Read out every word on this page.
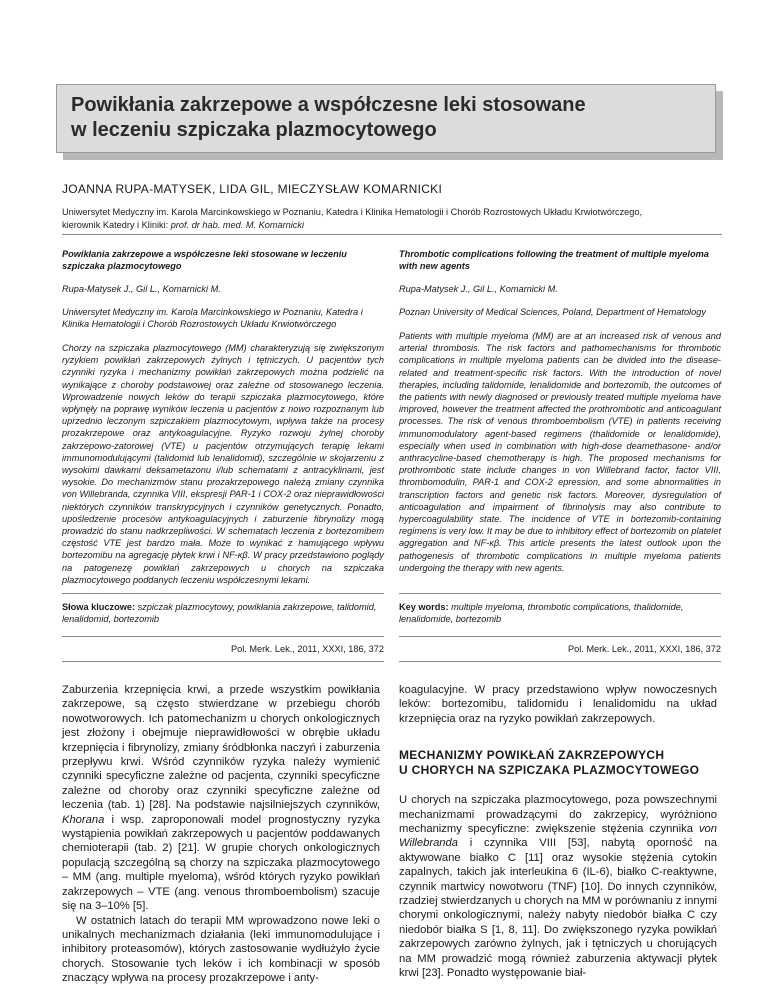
Powikłania zakrzepowe a współczesne leki stosowane
w leczeniu szpiczaka plazmocytowego
JOANNA RUPA-MATYSEK, LIDA GIL, MIECZYSŁAW KOMARNICKI
Uniwersytet Medyczny im. Karola Marcinkowskiego w Poznaniu, Katedra i Klinika Hematologii i Chorób Rozrostowych Układu Krwiotwórczego,
kierownik Katedry i Kliniki: prof. dr hab. med. M. Komarnicki

Powikłania zakrzepowe a współczesne leki stosowane w leczeniu szpiczaka plazmocytowego

Rupa-Matysek J., Gil L., Komarnicki M.

Uniwersytet Medyczny im. Karola Marcinkowskiego w Poznaniu, Katedra i Klinika Hematologii i Chorób Rozrostowych Układu Krwiotwórczego

Chorzy na szpiczaka plazmocytowego (MM) charakteryzują się zwiększonym ryzykiem powikłań zakrzepowych żylnych i tętniczych. U pacjentów tych czynniki ryzyka i mechanizmy powikłań zakrzepowych można podzielić na wynikające z choroby podstawowej oraz zależne od stosowanego leczenia. Wprowadzenie nowych leków do terapii szpiczaka plazmocytowego, które wpłynęły na poprawę wyników leczenia u pacjentów z nowo rozpoznanym lub uprzednio leczonym szpiczakiem plazmocytowym, wpływa także na procesy prozakrzepowe oraz antykoagulacyjne. Ryzyko rozwoju żylnej choroby zakrzepowo-zatorowej (VTE) u pacjentów otrzymujących terapię lekami immunomodulującymi (talidomid lub lenalidomid), szczególnie w skojarzeniu z wysokimi dawkami deksametazonu i/lub schematami z antracyklinami, jest wysokie. Do mechanizmów stanu prozakrzepowego należą zmiany czynnika von Willebranda, czynnika VIII, ekspresji PAR-1 i COX-2 oraz nieprawidłowości niektórych czynników transkrypcyjnych i czynników genetycznych. Ponadto, upośledzenie procesów antykoagulacyjnych i zaburzenie fibrynolizy mogą prowadzić do stanu nadkrzepliwości. W schematach leczenia z bortezomibem częstość VTE jest bardzo mała. Może to wynikać z hamującego wpływu bortezomibu na agregację płytek krwi i NF-κβ. W pracy przedstawiono poglądy na patogenezę powikłań zakrzepowych u chorych na szpiczaka plazmocytowego poddanych leczeniu współczesnymi lekami.

Thrombotic complications following the treatment of multiple myeloma with new agents

Rupa-Matysek J., Gil L., Komarnicki M.

Poznan University of Medical Sciences, Poland, Department of Hematology

Patients with multiple myeloma (MM) are at an increased risk of venous and arterial thrombosis. The risk factors and pathomechanisms for thrombotic complications in multiple myeloma patients can be divided into the disease-related and treatment-specific risk factors. With the introduction of novel therapies, including talidomide, lenalidomide and bortezomib, the outcomes of the patients with newly diagnosed or previously treated multiple myeloma have improved, however the treatment affected the prothrombotic and anticoagulant processes. The risk of venous thromboembolism (VTE) in patients receiving immunomodulatory agent-based regimens (thalidomide or lenalidomide), especially when used in combination with high-dose deamethasone- and/or anthracycline-based chemotherapy is high. The proposed mechanisms for prothrombotic state include changes in von Willebrand factor, factor VIII, thrombomodulin, PAR-1 and COX-2 epression, and some abnormalities in transcription factors and genetic risk factors. Moreover, dysregulation of anticoagulation and impairment of fibrinolysis may also contribute to hypercoagulability state. The incidence of VTE in bortezomib-containing regimens is very low. It may be due to inhibitory effect of bortezomib on platelet aggregation and NF-κβ. This article presents the latest outlook upon the pathogenesis of thrombotic complications in multiple myeloma patients undergoing the therapy with new agents.

Słowa kluczowe: szpiczak plazmocytowy, powikłania zakrzepowe, talidomid, lenalidomid, bortezomib
Key words: multiple myeloma, thrombotic complications, thalidomide, lenalidomide, bortezomib
Pol. Merk. Lek., 2011, XXXI, 186, 372	Pol. Merk. Lek., 2011, XXXI, 186, 372

Zaburzenia krzepnięcia krwi, a przede wszystkim powikłania zakrzepowe, są często stwierdzane w przebiegu chorób nowotworowych. Ich patomechanizm u chorych onkologicznych jest złożony i obejmuje nieprawidłowości w obrębie układu krzepnięcia i fibrynolizy, zmiany śródbłonka naczyń i zaburzenia przepływu krwi. Wśród czynników ryzyka należy wymienić czynniki specyficzne zależne od pacjenta, czynniki specyficzne zależne od choroby oraz czynniki specyficzne zależne od leczenia (tab. 1) [28]. Na podstawie najsilniejszych czynników, Khorana i wsp. zaproponowali model prognostyczny ryzyka wystąpienia powikłań zakrzepowych u pacjentów poddawanych chemioterapii (tab. 2) [21]. W grupie chorych onkologicznych populacją szczególną są chorzy na szpiczaka plazmocytowego – MM (ang. multiple myeloma), wśród których ryzyko powikłań zakrzepowych – VTE (ang. venous thromboembolism) szacuje się na 3–10% [5].

W ostatnich latach do terapii MM wprowadzono nowe leki o unikalnych mechanizmach działania (leki immunomodulujące i inhibitory proteasomów), których zastosowanie wydłużyło życie chorych. Stosowanie tych leków i ich kombinacji w sposób znaczący wpływa na procesy prozakrzepowe i anty-

koagulacyjne. W pracy przedstawiono wpływ nowoczesnych leków: bortezomibu, talidomidu i lenalidomidu na układ krzepnięcia oraz na ryzyko powikłań zakrzepowych.

MECHANIZMY POWIKŁAŃ ZAKRZEPOWYCH
U CHORYCH NA SZPICZAKA PLAZMOCYTOWEGO

U chorych na szpiczaka plazmocytowego, poza powszechnymi mechanizmami prowadzącymi do zakrzepicy, wyróżniono mechanizmy specyficzne: zwiększenie stężenia czynnika von Willebranda i czynnika VIII [53], nabytą oporność na aktywowane białko C [11] oraz wysokie stężenia cytokin zapalnych, takich jak interleukina 6 (IL-6), białko C-reaktywne, czynnik martwicy nowotworu (TNF) [10]. Do innych czynników, rzadziej stwierdzanych u chorych na MM w porównaniu z innymi chorymi onkologicznymi, należy nabyty niedobór białka C czy niedobór białka S [1, 8, 11]. Do zwiększonego ryzyka powikłań zakrzepowych zarówno żylnych, jak i tętniczych u chorujących na MM prowadzić mogą również zaburzenia aktywacji płytek krwi [23]. Ponadto występowanie biał-
